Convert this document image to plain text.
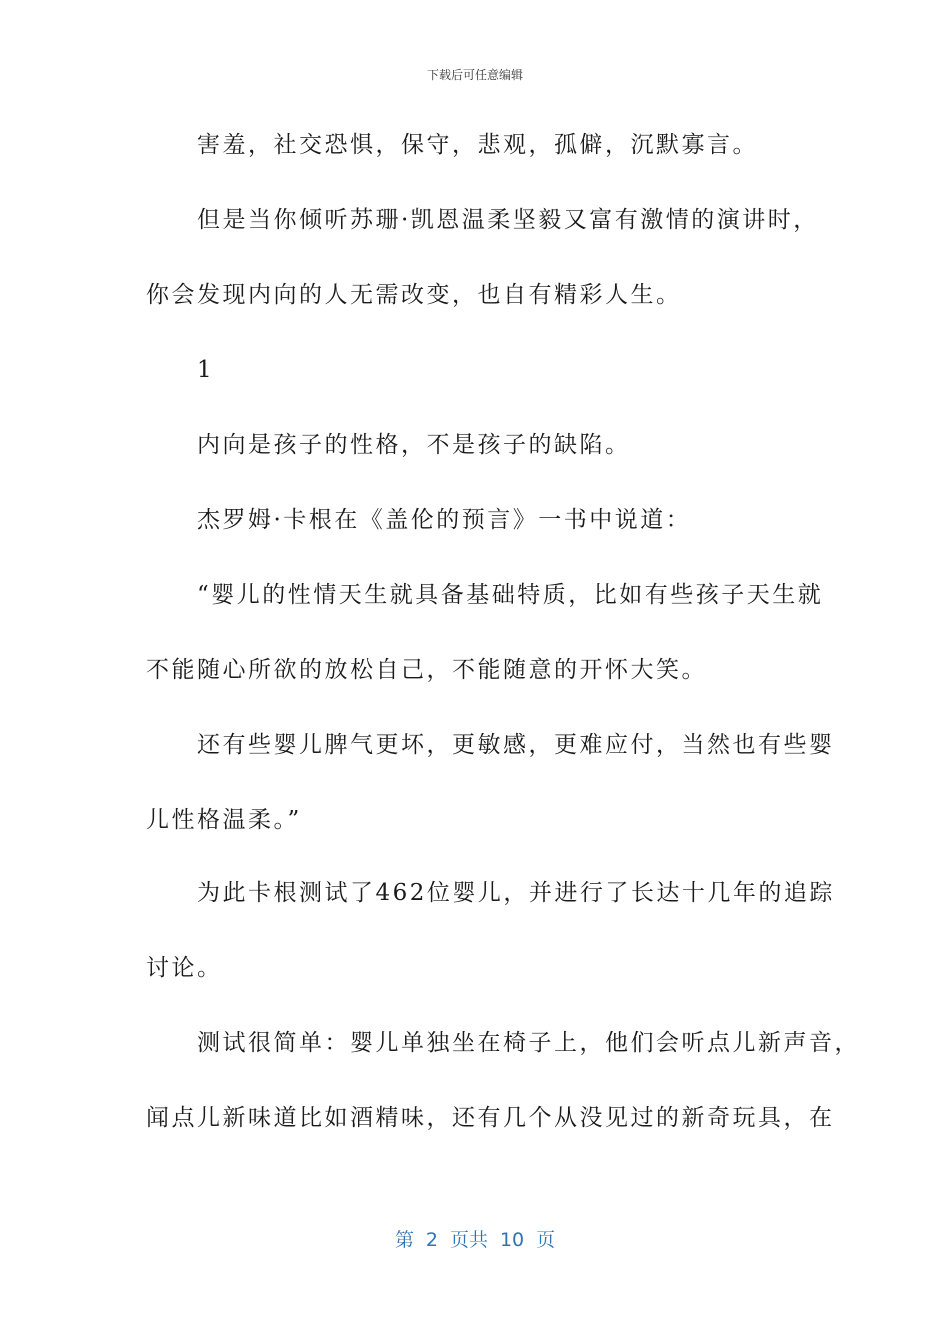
下载后可任意编辑
　　害羞，社交恐惧，保守，悲观，孤僻，沉默寡言。
　　但是当你倾听苏珊·凯恩温柔坚毅又富有激情的演讲时，
你会发现内向的人无需改变，也自有精彩人生。
　　1
　　内向是孩子的性格，不是孩子的缺陷。
　　杰罗姆·卡根在《盖伦的预言》一书中说道：
　　“婴儿的性情天生就具备基础特质，比如有些孩子天生就
不能随心所欲的放松自己，不能随意的开怀大笑。
　　还有些婴儿脾气更坏，更敏感，更难应付，当然也有些婴
儿性格温柔。”
　　为此卡根测试了462位婴儿，并进行了长达十几年的追踪
讨论。
　　测试很简单：婴儿单独坐在椅子上，他们会听点儿新声音，
闻点儿新味道比如酒精味，还有几个从没见过的新奇玩具，在
第 2 页共 10 页
